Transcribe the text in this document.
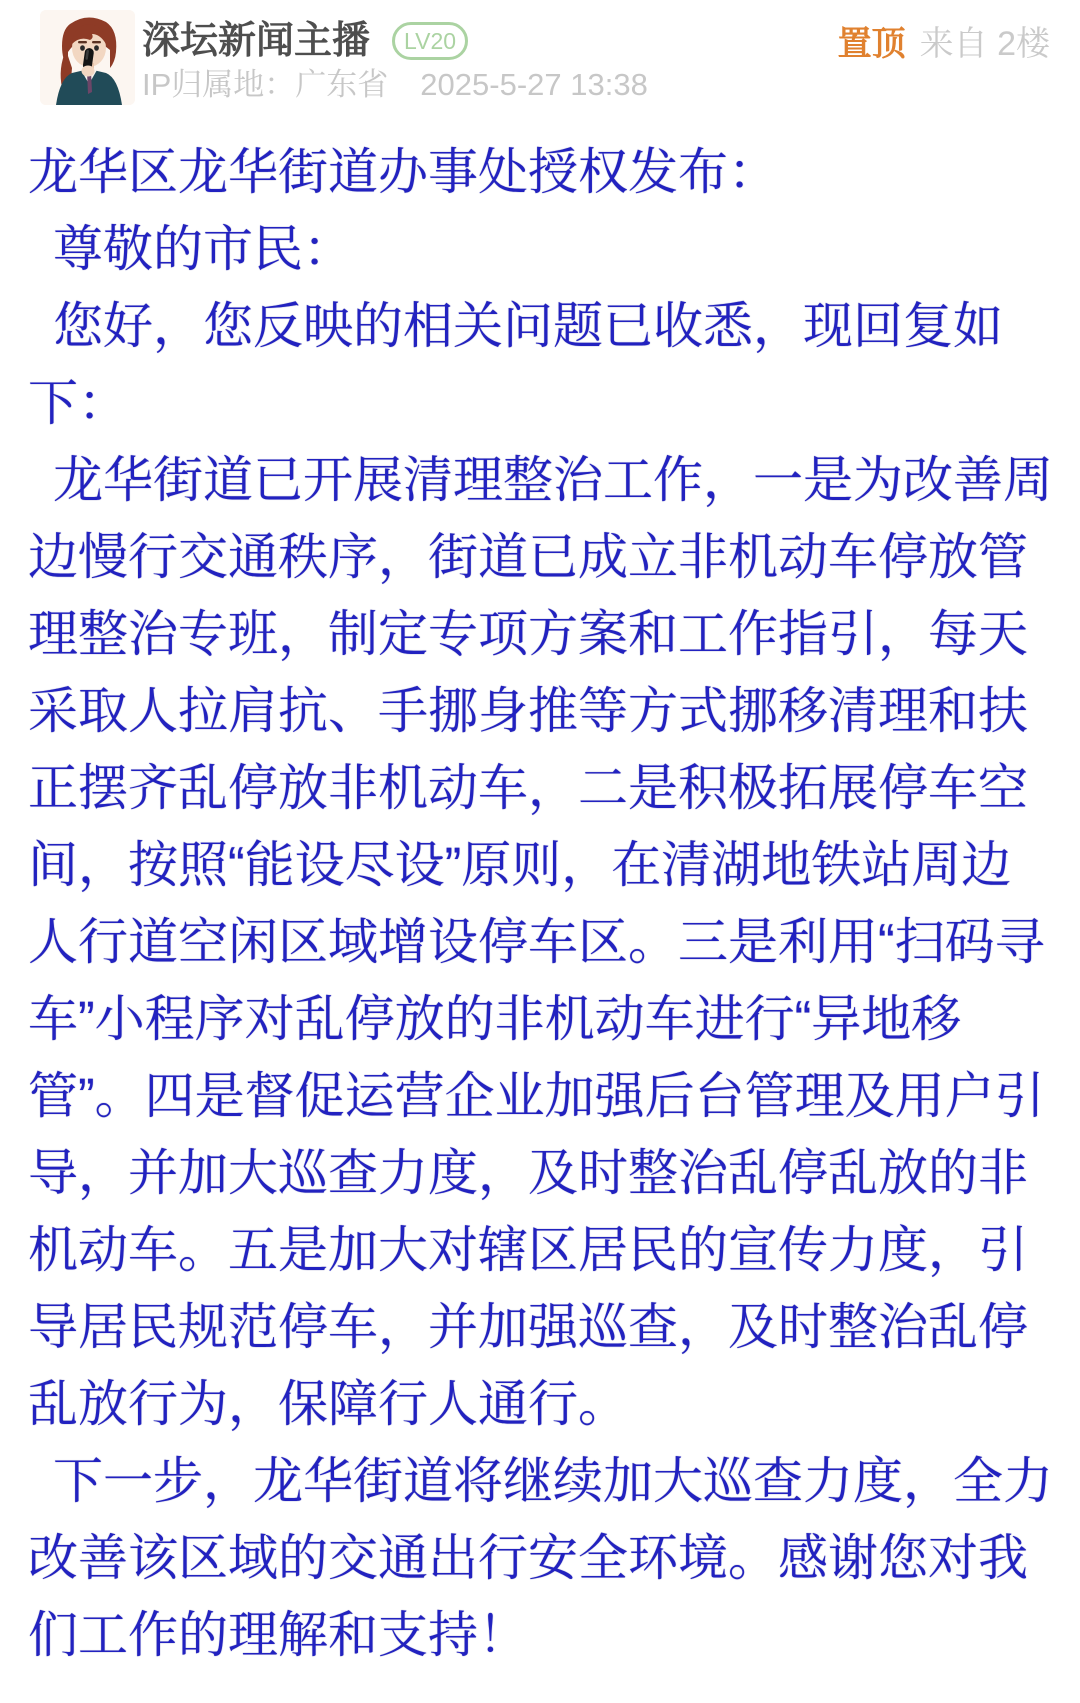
深坛新闻主播	LV20	置顶 来自 2楼
IP归属地：广东省 2025-5-27 13:38
龙华区龙华街道办事处授权发布：
 尊敬的市民：
 您好，您反映的相关问题已收悉，现回复如
下：
 龙华街道已开展清理整治工作，一是为改善周
边慢行交通秩序，街道已成立非机动车停放管
理整治专班，制定专项方案和工作指引，每天
采取人拉肩抗、手挪身推等方式挪移清理和扶
正摆齐乱停放非机动车，二是积极拓展停车空
间，按照“能设尽设”原则，在清湖地铁站周边
人行道空闲区域增设停车区。三是利用“扫码寻
车”小程序对乱停放的非机动车进行“异地移
管”。四是督促运营企业加强后台管理及用户引
导，并加大巡查力度，及时整治乱停乱放的非
机动车。五是加大对辖区居民的宣传力度，引
导居民规范停车，并加强巡查，及时整治乱停
乱放行为，保障行人通行。
 下一步，龙华街道将继续加大巡查力度，全力
改善该区域的交通出行安全环境。感谢您对我
们工作的理解和支持！
